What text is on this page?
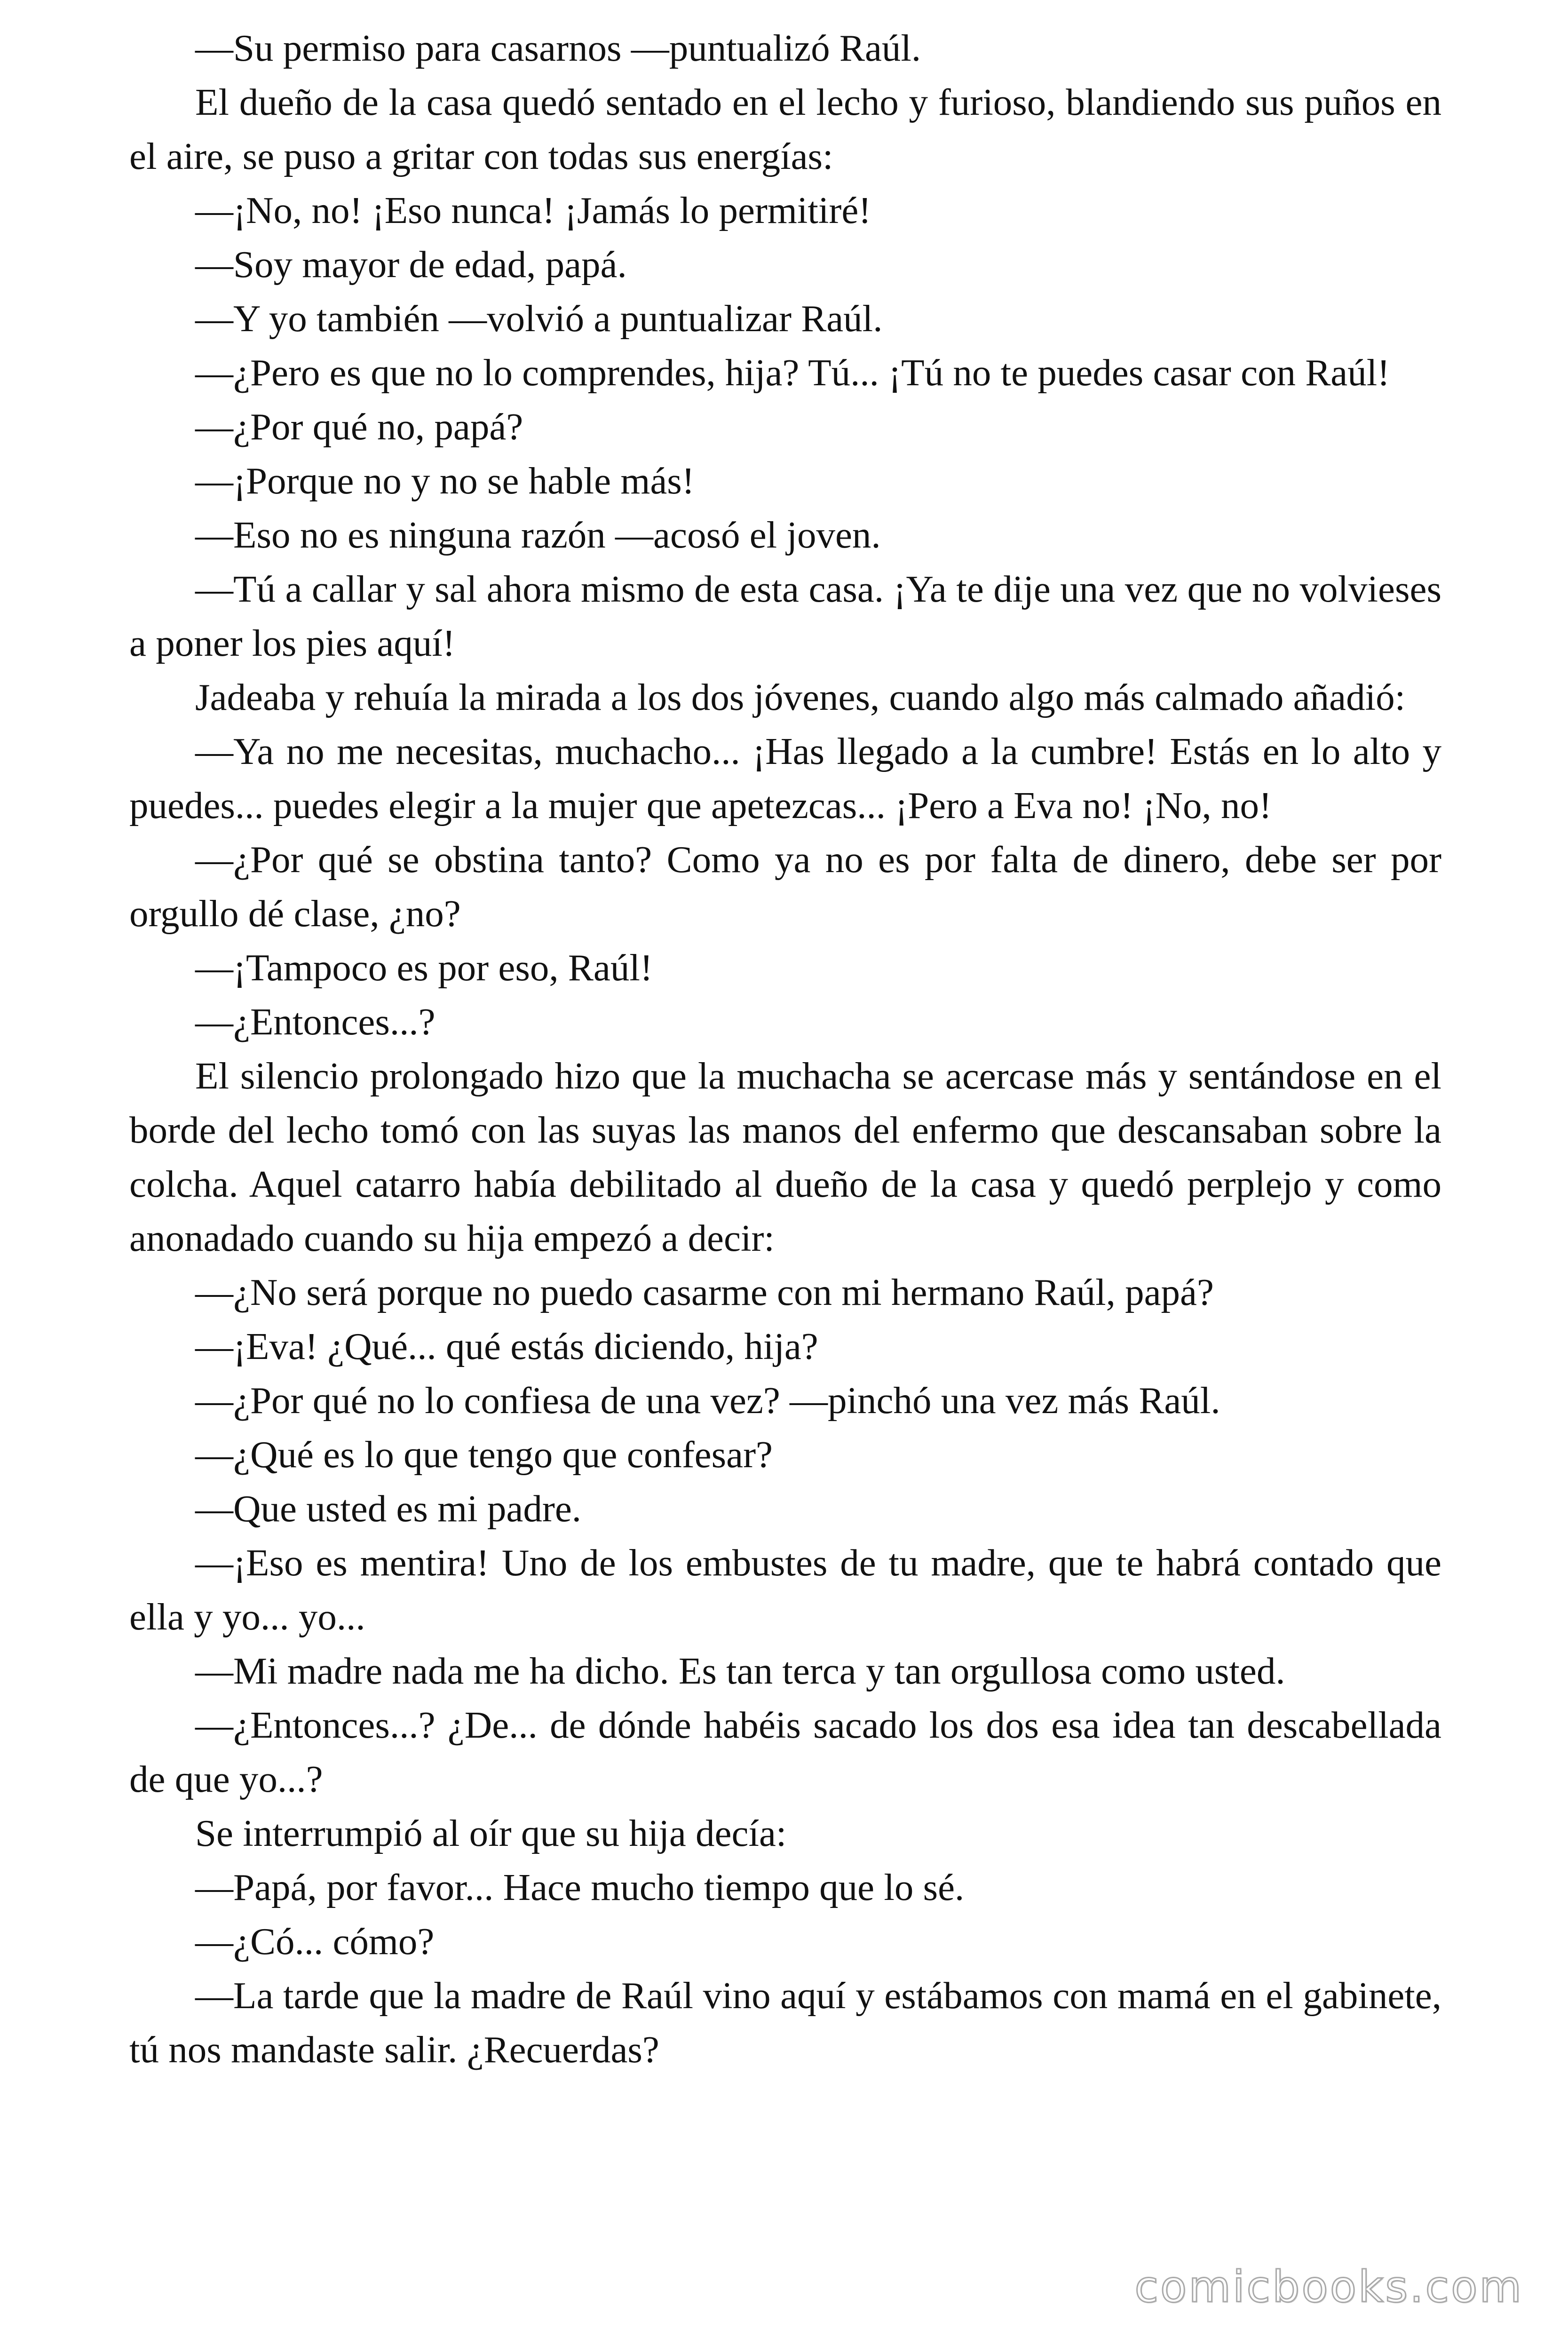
—Su permiso para casarnos —puntualizó Raúl.

El dueño de la casa quedó sentado en el lecho y furioso, blandiendo sus puños en el aire, se puso a gritar con todas sus energías:

—¡No, no! ¡Eso nunca! ¡Jamás lo permitiré!

—Soy mayor de edad, papá.

—Y yo también —volvió a puntualizar Raúl.

—¿Pero es que no lo comprendes, hija? Tú... ¡Tú no te puedes casar con Raúl!

—¿Por qué no, papá?

—¡Porque no y no se hable más!

—Eso no es ninguna razón —acosó el joven.

—Tú a callar y sal ahora mismo de esta casa. ¡Ya te dije una vez que no volvieses a poner los pies aquí!

Jadeaba y rehuía la mirada a los dos jóvenes, cuando algo más calmado añadió:

—Ya no me necesitas, muchacho... ¡Has llegado a la cumbre! Estás en lo alto y puedes... puedes elegir a la mujer que apetezcas... ¡Pero a Eva no! ¡No, no!

—¿Por qué se obstina tanto? Como ya no es por falta de dinero, debe ser por orgullo dé clase, ¿no?

—¡Tampoco es por eso, Raúl!

—¿Entonces...?

El silencio prolongado hizo que la muchacha se acercase más y sentándose en el borde del lecho tomó con las suyas las manos del enfermo que descansaban sobre la colcha. Aquel catarro había debilitado al dueño de la casa y quedó perplejo y como anonadado cuando su hija empezó a decir:

—¿No será porque no puedo casarme con mi hermano Raúl, papá?

—¡Eva! ¿Qué... qué estás diciendo, hija?

—¿Por qué no lo confiesa de una vez? —pinchó una vez más Raúl.

—¿Qué es lo que tengo que confesar?

—Que usted es mi padre.

—¡Eso es mentira! Uno de los embustes de tu madre, que te habrá contado que ella y yo... yo...

—Mi madre nada me ha dicho. Es tan terca y tan orgullosa como usted.

—¿Entonces...? ¿De... de dónde habéis sacado los dos esa idea tan descabellada de que yo...?

Se interrumpió al oír que su hija decía:

—Papá, por favor... Hace mucho tiempo que lo sé.

—¿Có... cómo?

—La tarde que la madre de Raúl vino aquí y estábamos con mamá en el gabinete, tú nos mandaste salir. ¿Recuerdas?

comicbooks.com
